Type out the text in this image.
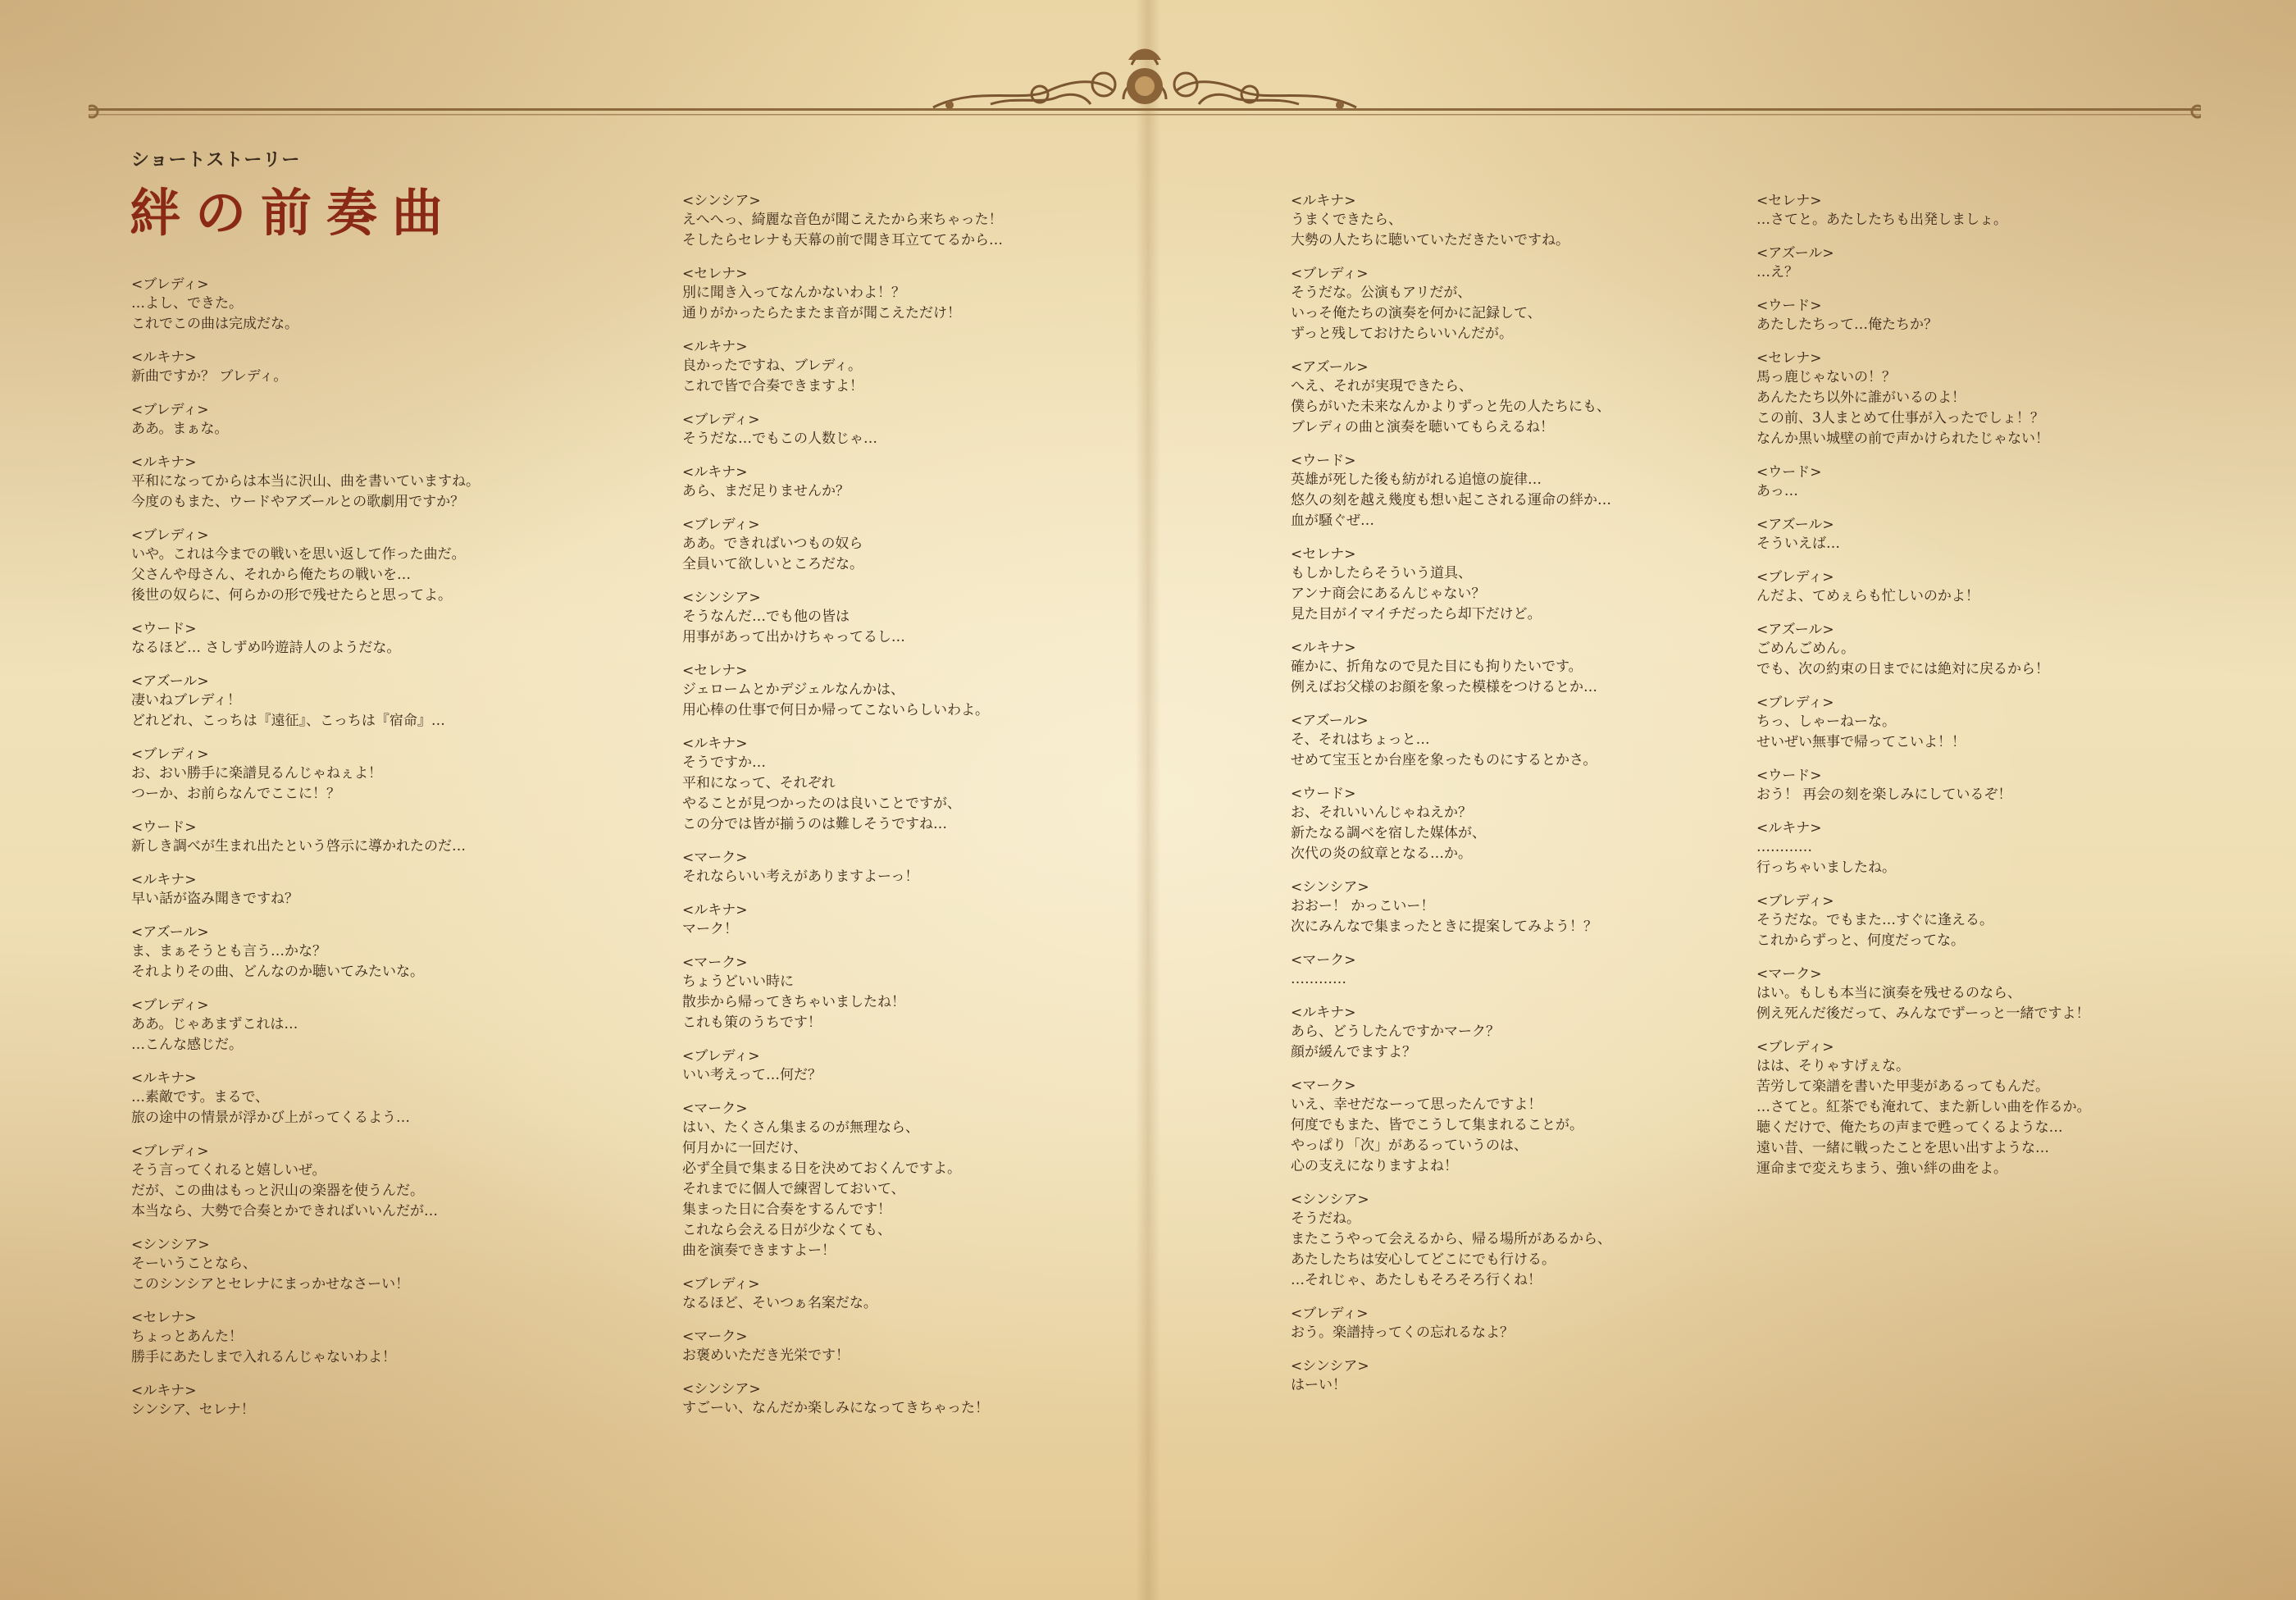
ショートストーリー
絆の前奏曲
<ブレディ>
…よし、できた。
これでこの曲は完成だな。
<ルキナ>
新曲ですか？ ブレディ。
<ブレディ>
ああ。まぁな。
<ルキナ>
平和になってからは本当に沢山、曲を書いていますね。
今度のもまた、ウードやアズールとの歌劇用ですか？
<ブレディ>
いや。これは今までの戦いを思い返して作った曲だ。
父さんや母さん、それから俺たちの戦いを…
後世の奴らに、何らかの形で残せたらと思ってよ。
<ウード>
なるほど… さしずめ吟遊詩人のようだな。
<アズール>
凄いねブレディ！
どれどれ、こっちは『遠征』、こっちは『宿命』…
<ブレディ>
お、おい勝手に楽譜見るんじゃねぇよ！
つーか、お前らなんでここに！？
<ウード>
新しき調べが生まれ出たという啓示に導かれたのだ…
<ルキナ>
早い話が盗み聞きですね？
<アズール>
ま、まぁそうとも言う…かな？
それよりその曲、どんなのか聴いてみたいな。
<ブレディ>
ああ。じゃあまずこれは…
…こんな感じだ。
<ルキナ>
…素敵です。まるで、
旅の途中の情景が浮かび上がってくるよう…
<ブレディ>
そう言ってくれると嬉しいぜ。
だが、この曲はもっと沢山の楽器を使うんだ。
本当なら、大勢で合奏とかできればいいんだが…
<シンシア>
そーいうことなら、
このシンシアとセレナにまっかせなさーい！
<セレナ>
ちょっとあんた！
勝手にあたしまで入れるんじゃないわよ！
<ルキナ>
シンシア、セレナ！
<シンシア>
えへへっ、綺麗な音色が聞こえたから来ちゃった！
そしたらセレナも天幕の前で聞き耳立ててるから…
<セレナ>
別に聞き入ってなんかないわよ！？
通りがかったらたまたま音が聞こえただけ！
<ルキナ>
良かったですね、ブレディ。
これで皆で合奏できますよ！
<ブレディ>
そうだな…でもこの人数じゃ…
<ルキナ>
あら、まだ足りませんか？
<ブレディ>
ああ。できればいつもの奴ら
全員いて欲しいところだな。
<シンシア>
そうなんだ…でも他の皆は
用事があって出かけちゃってるし…
<セレナ>
ジェロームとかデジェルなんかは、
用心棒の仕事で何日か帰ってこないらしいわよ。
<ルキナ>
そうですか…
平和になって、それぞれ
やることが見つかったのは良いことですが、
この分では皆が揃うのは難しそうですね…
<マーク>
それならいい考えがありますよーっ！
<ルキナ>
マーク！
<マーク>
ちょうどいい時に
散歩から帰ってきちゃいましたね！
これも策のうちです！
<ブレディ>
いい考えって…何だ？
<マーク>
はい、たくさん集まるのが無理なら、
何月かに一回だけ、
必ず全員で集まる日を決めておくんですよ。
それまでに個人で練習しておいて、
集まった日に合奏をするんです！
これなら会える日が少なくても、
曲を演奏できますよー！
<ブレディ>
なるほど、そいつぁ名案だな。
<マーク>
お褒めいただき光栄です！
<シンシア>
すごーい、なんだか楽しみになってきちゃった！
<ルキナ>
うまくできたら、
大勢の人たちに聴いていただきたいですね。
<ブレディ>
そうだな。公演もアリだが、
いっそ俺たちの演奏を何かに記録して、
ずっと残しておけたらいいんだが。
<アズール>
へえ、それが実現できたら、
僕らがいた未来なんかよりずっと先の人たちにも、
ブレディの曲と演奏を聴いてもらえるね！
<ウード>
英雄が死した後も紡がれる追憶の旋律…
悠久の刻を越え幾度も想い起こされる運命の絆か…
血が騒ぐぜ…
<セレナ>
もしかしたらそういう道具、
アンナ商会にあるんじゃない？
見た目がイマイチだったら却下だけど。
<ルキナ>
確かに、折角なので見た目にも拘りたいです。
例えばお父様のお顔を象った模様をつけるとか…
<アズール>
そ、それはちょっと…
せめて宝玉とか台座を象ったものにするとかさ。
<ウード>
お、それいいんじゃねえか？
新たなる調べを宿した媒体が、
次代の炎の紋章となる…か。
<シンシア>
おおー！ かっこいー！
次にみんなで集まったときに提案してみよう！？
<マーク>
…………
<ルキナ>
あら、どうしたんですかマーク？
顔が緩んでますよ？
<マーク>
いえ、幸せだなーって思ったんですよ！
何度でもまた、皆でこうして集まれることが。
やっぱり「次」があるっていうのは、
心の支えになりますよね！
<シンシア>
そうだね。
またこうやって会えるから、帰る場所があるから、
あたしたちは安心してどこにでも行ける。
…それじゃ、あたしもそろそろ行くね！
<ブレディ>
おう。楽譜持ってくの忘れるなよ？
<シンシア>
はーい！
<セレナ>
…さてと。あたしたちも出発しましょ。
<アズール>
…え？
<ウード>
あたしたちって…俺たちか？
<セレナ>
馬っ鹿じゃないの！？
あんたたち以外に誰がいるのよ！
この前、3人まとめて仕事が入ったでしょ！？
なんか黒い城壁の前で声かけられたじゃない！
<ウード>
あっ…
<アズール>
そういえば…
<ブレディ>
んだよ、てめぇらも忙しいのかよ！
<アズール>
ごめんごめん。
でも、次の約束の日までには絶対に戻るから！
<ブレディ>
ちっ、しゃーねーな。
せいぜい無事で帰ってこいよ！！
<ウード>
おう！ 再会の刻を楽しみにしているぞ！
<ルキナ>
…………
行っちゃいましたね。
<ブレディ>
そうだな。でもまた…すぐに逢える。
これからずっと、何度だってな。
<マーク>
はい。もしも本当に演奏を残せるのなら、
例え死んだ後だって、みんなでずーっと一緒ですよ！
<ブレディ>
はは、そりゃすげぇな。
苦労して楽譜を書いた甲斐があるってもんだ。
…さてと。紅茶でも淹れて、また新しい曲を作るか。
聴くだけで、俺たちの声まで甦ってくるような…
遠い昔、一緒に戦ったことを思い出すような…
運命まで変えちまう、強い絆の曲をよ。
